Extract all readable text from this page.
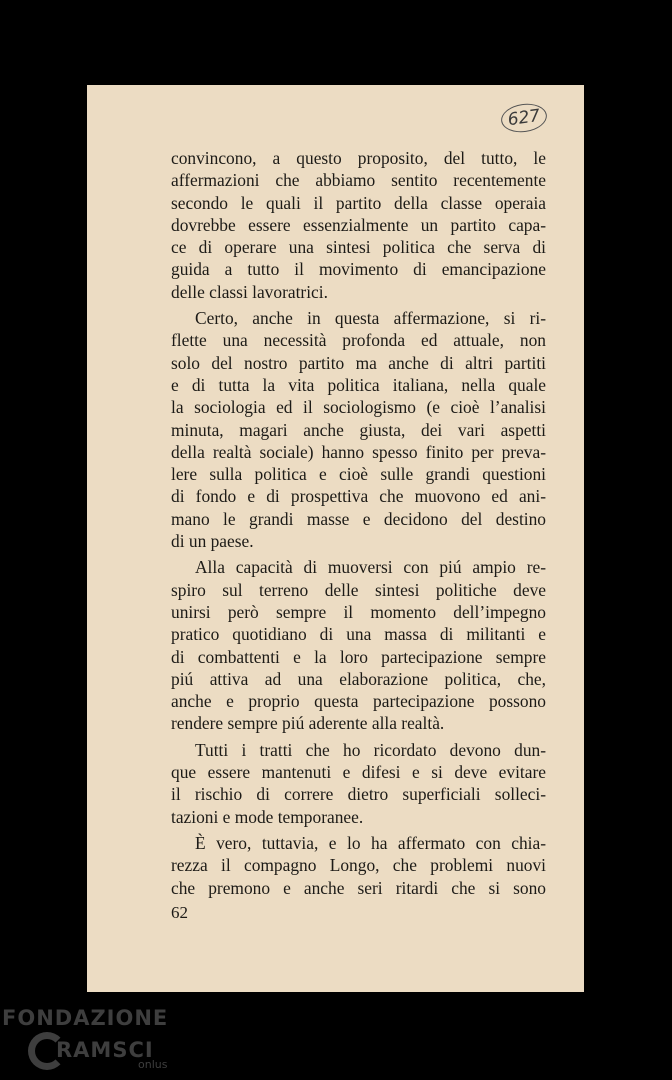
627
convincono, a questo proposito, del tutto, le
affermazioni che abbiamo sentito recentemente
secondo le quali il partito della classe operaia
dovrebbe essere essenzialmente un partito capa-
ce di operare una sintesi politica che serva di
guida a tutto il movimento di emancipazione
delle classi lavoratrici.
Certo, anche in questa affermazione, si ri-
flette una necessità profonda ed attuale, non
solo del nostro partito ma anche di altri partiti
e di tutta la vita politica italiana, nella quale
la sociologia ed il sociologismo (e cioè l’analisi
minuta, magari anche giusta, dei vari aspetti
della realtà sociale) hanno spesso finito per preva-
lere sulla politica e cioè sulle grandi questioni
di fondo e di prospettiva che muovono ed ani-
mano le grandi masse e decidono del destino
di un paese.
Alla capacità di muoversi con piú ampio re-
spiro sul terreno delle sintesi politiche deve
unirsi però sempre il momento dell’impegno
pratico quotidiano di una massa di militanti e
di combattenti e la loro partecipazione sempre
piú attiva ad una elaborazione politica, che,
anche e proprio questa partecipazione possono
rendere sempre piú aderente alla realtà.
Tutti i tratti che ho ricordato devono dun-
que essere mantenuti e difesi e si deve evitare
il rischio di correre dietro superficiali solleci-
tazioni e mode temporanee.
È vero, tuttavia, e lo ha affermato con chia-
rezza il compagno Longo, che problemi nuovi
che premono e anche seri ritardi che si sono
62
FONDAZIONE
RAMSCI
onlus
